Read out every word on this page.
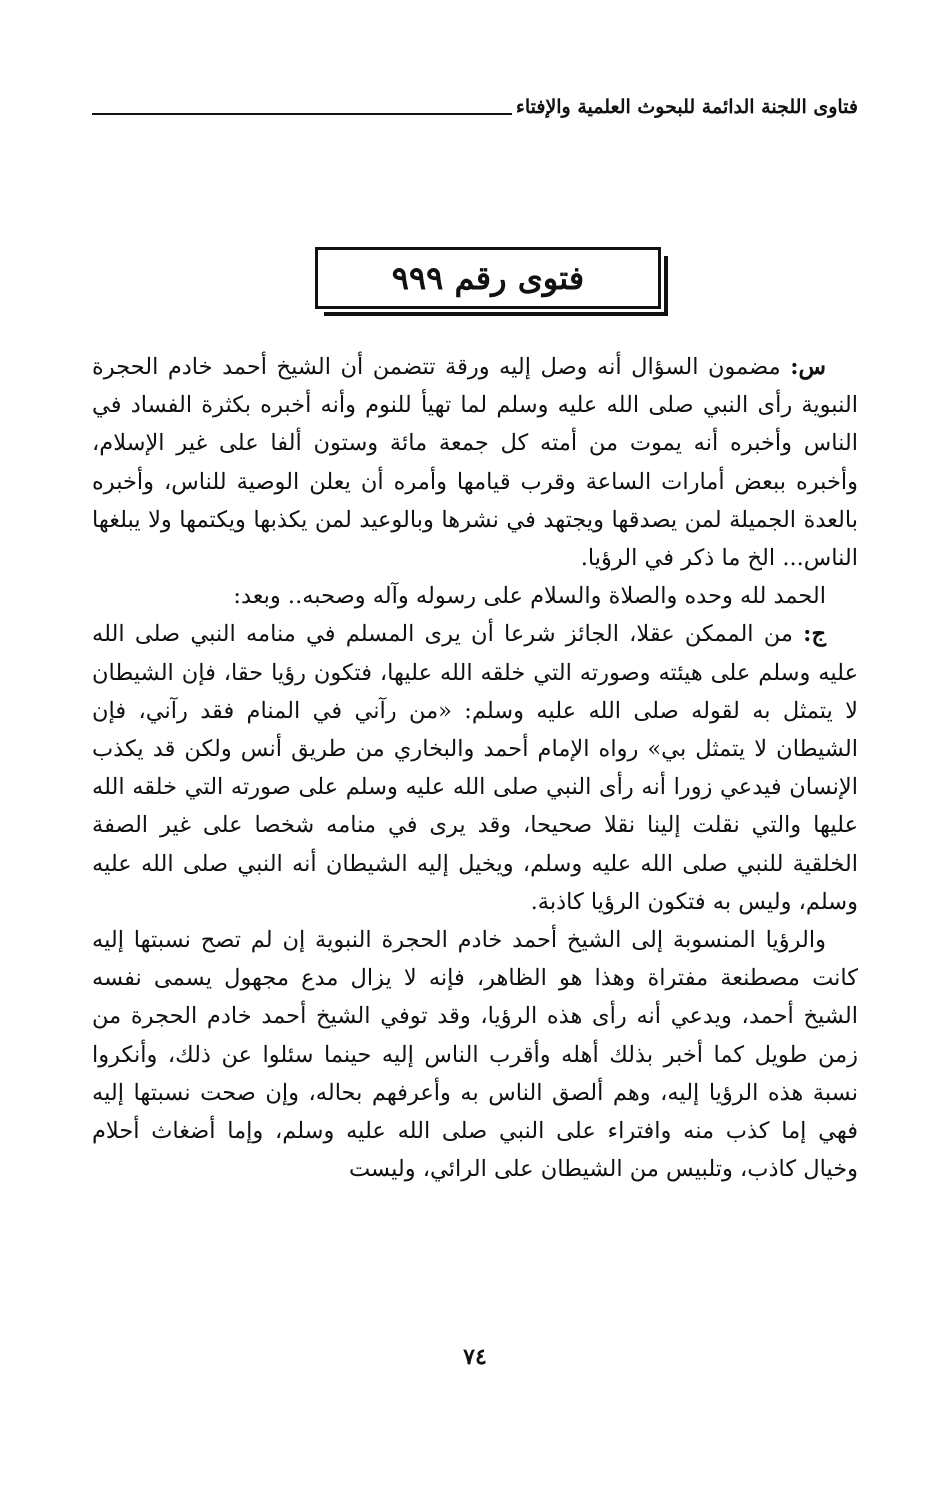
فتاوى اللجنة الدائمة للبحوث العلمية والإفتاء
فتوى رقم ٩٩٩

س: مضمون السؤال أنه وصل إليه ورقة تتضمن أن الشيخ أحمد خادم الحجرة النبوية رأى النبي صلى الله عليه وسلم لما تهيأ للنوم وأنه أخبره بكثرة الفساد في الناس وأخبره أنه يموت من أمته كل جمعة مائة وستون ألفا على غير الإسلام، وأخبره ببعض أمارات الساعة وقرب قيامها وأمره أن يعلن الوصية للناس، وأخبره بالعدة الجميلة لمن يصدقها ويجتهد في نشرها وبالوعيد لمن يكذبها ويكتمها ولا يبلغها الناس... الخ ما ذكر في الرؤيا.

الحمد لله وحده والصلاة والسلام على رسوله وآله وصحبه.. وبعد:

ج: من الممكن عقلا، الجائز شرعا أن يرى المسلم في منامه النبي صلى الله عليه وسلم على هيئته وصورته التي خلقه الله عليها، فتكون رؤيا حقا، فإن الشيطان لا يتمثل به لقوله صلى الله عليه وسلم: «من رآني في المنام فقد رآني، فإن الشيطان لا يتمثل بي» رواه الإمام أحمد والبخاري من طريق أنس ولكن قد يكذب الإنسان فيدعي زورا أنه رأى النبي صلى الله عليه وسلم على صورته التي خلقه الله عليها والتي نقلت إلينا نقلا صحيحا، وقد يرى في منامه شخصا على غير الصفة الخلقية للنبي صلى الله عليه وسلم، ويخيل إليه الشيطان أنه النبي صلى الله عليه وسلم، وليس به فتكون الرؤيا كاذبة.

والرؤيا المنسوبة إلى الشيخ أحمد خادم الحجرة النبوية إن لم تصح نسبتها إليه كانت مصطنعة مفتراة وهذا هو الظاهر، فإنه لا يزال مدع مجهول يسمى نفسه الشيخ أحمد، ويدعي أنه رأى هذه الرؤيا، وقد توفي الشيخ أحمد خادم الحجرة من زمن طويل كما أخبر بذلك أهله وأقرب الناس إليه حينما سئلوا عن ذلك، وأنكروا نسبة هذه الرؤيا إليه، وهم ألصق الناس به وأعرفهم بحاله، وإن صحت نسبتها إليه فهي إما كذب منه وافتراء على النبي صلى الله عليه وسلم، وإما أضغاث أحلام وخيال كاذب، وتلبيس من الشيطان على الرائي، وليست

٧٤
